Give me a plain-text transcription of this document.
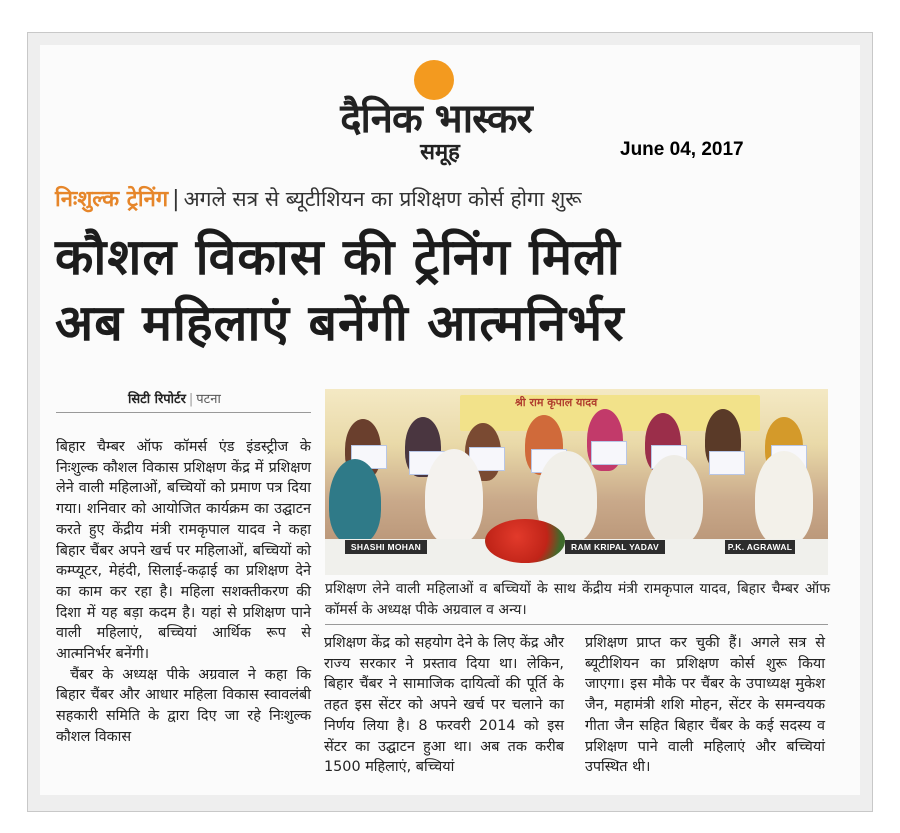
दैनिक भास्कर
समूह	June 04, 2017
निःशुल्क ट्रेनिंग | अगले सत्र से ब्यूटीशियन का प्रशिक्षण कोर्स होगा शुरू
कौशल विकास की ट्रेनिंग मिली
अब महिलाएं बनेंगी आत्मनिर्भर
सिटी रिपोर्टर | पटना	श्री राम कृपाल यादव
SHASHI MOHAN	RAM KRIPAL YADAV	P.K. AGRAWAL
प्रशिक्षण लेने वाली महिलाओं व बच्चियों के साथ केंद्रीय मंत्री रामकृपाल यादव, बिहार चैम्बर ऑफ कॉमर्स के अध्यक्ष पीके अग्रवाल व अन्य।

बिहार चैम्बर ऑफ कॉमर्स एंड इंडस्ट्रीज के निःशुल्क कौशल विकास प्रशिक्षण केंद्र में प्रशिक्षण लेने वाली महिलाओं, बच्चियों को प्रमाण पत्र दिया गया। शनिवार को आयोजित कार्यक्रम का उद्घाटन करते हुए केंद्रीय मंत्री रामकृपाल यादव ने कहा बिहार चैंबर अपने खर्च पर महिलाओं, बच्चियों को कम्प्यूटर, मेहंदी, सिलाई-कढ़ाई का प्रशिक्षण देने का काम कर रहा है। महिला सशक्तीकरण की दिशा में यह बड़ा कदम है। यहां से प्रशिक्षण पाने वाली महिलाएं, बच्चियां आर्थिक रूप से आत्मनिर्भर बनेंगी।

चैंबर के अध्यक्ष पीके अग्रवाल ने कहा कि बिहार चैंबर और आधार महिला विकास स्वावलंबी सहकारी समिति के द्वारा दिए जा रहे निःशुल्क कौशल विकास

प्रशिक्षण केंद्र को सहयोग देने के लिए केंद्र और राज्य सरकार ने प्रस्ताव दिया था। लेकिन, बिहार चैंबर ने सामाजिक दायित्वों की पूर्ति के तहत इस सेंटर को अपने खर्च पर चलाने का निर्णय लिया है। 8 फरवरी 2014 को इस सेंटर का उद्घाटन हुआ था। अब तक करीब 1500 महिलाएं, बच्चियां

प्रशिक्षण प्राप्त कर चुकी हैं। अगले सत्र से ब्यूटीशियन का प्रशिक्षण कोर्स शुरू किया जाएगा। इस मौके पर चैंबर के उपाध्यक्ष मुकेश जैन, महामंत्री शशि मोहन, सेंटर के समन्वयक गीता जैन सहित बिहार चैंबर के कई सदस्य व प्रशिक्षण पाने वाली महिलाएं और बच्चियां उपस्थित थी।
